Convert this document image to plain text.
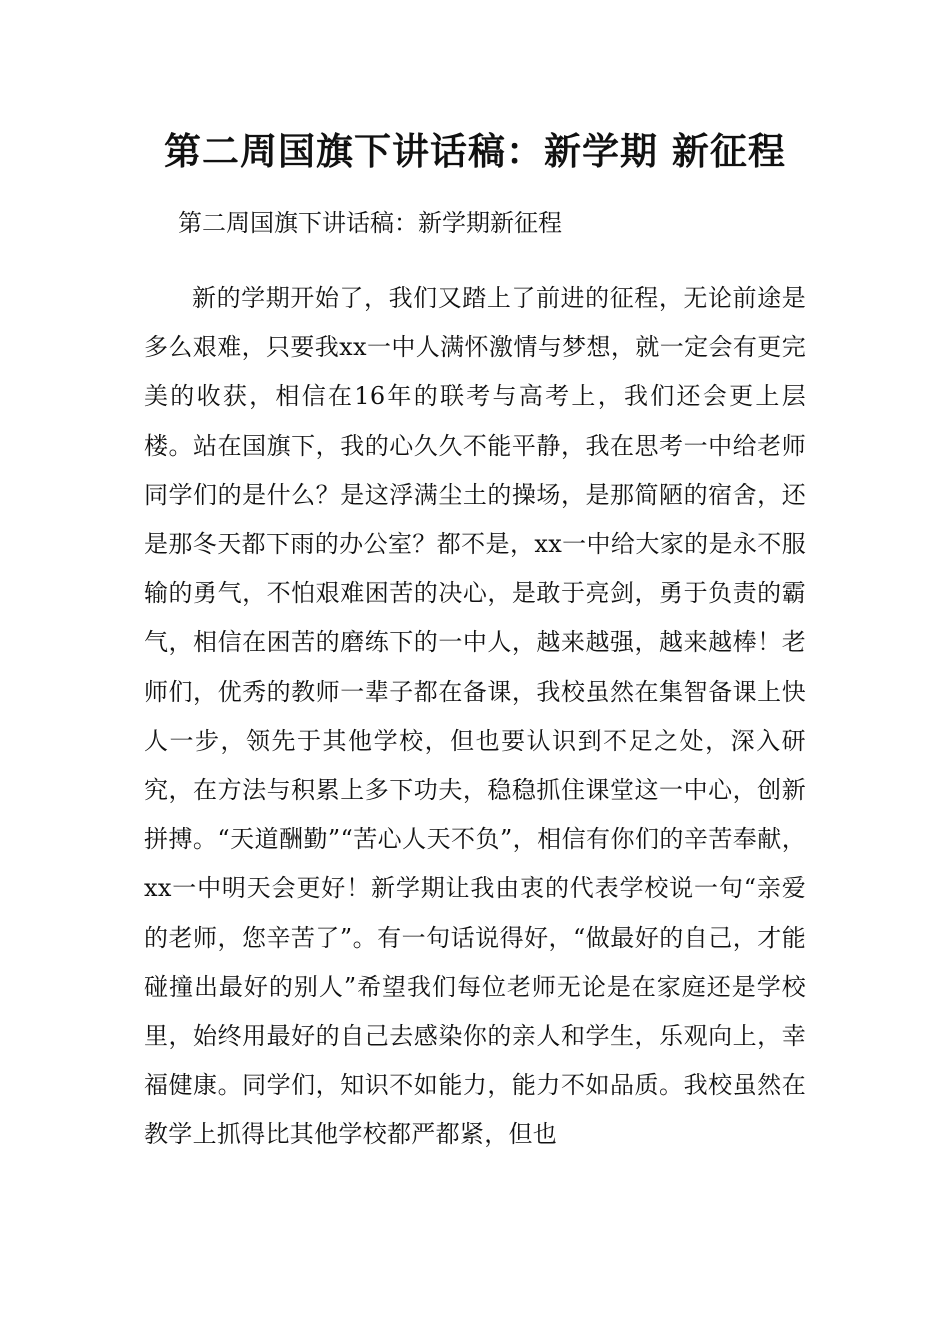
第二周国旗下讲话稿：新学期 新征程

第二周国旗下讲话稿：新学期新征程

新的学期开始了，我们又踏上了前进的征程，无论前途是多么艰难，只要我xx一中人满怀激情与梦想，就一定会有更完美的收获，相信在16年的联考与高考上，我们还会更上层楼。站在国旗下，我的心久久不能平静，我在思考一中给老师同学们的是什么？是这浮满尘土的操场，是那简陋的宿舍，还是那冬天都下雨的办公室？都不是，xx一中给大家的是永不服输的勇气，不怕艰难困苦的决心，是敢于亮剑，勇于负责的霸气，相信在困苦的磨练下的一中人，越来越强，越来越棒！老师们，优秀的教师一辈子都在备课，我校虽然在集智备课上快人一步，领先于其他学校，但也要认识到不足之处，深入研究，在方法与积累上多下功夫，稳稳抓住课堂这一中心，创新拼搏。“天道酬勤”“苦心人天不负”，相信有你们的辛苦奉献，xx一中明天会更好！新学期让我由衷的代表学校说一句“亲爱的老师，您辛苦了”。有一句话说得好，“做最好的自己，才能碰撞出最好的别人”希望我们每位老师无论是在家庭还是学校里，始终用最好的自己去感染你的亲人和学生，乐观向上，幸福健康。同学们，知识不如能力，能力不如品质。我校虽然在教学上抓得比其他学校都严都紧，但也
